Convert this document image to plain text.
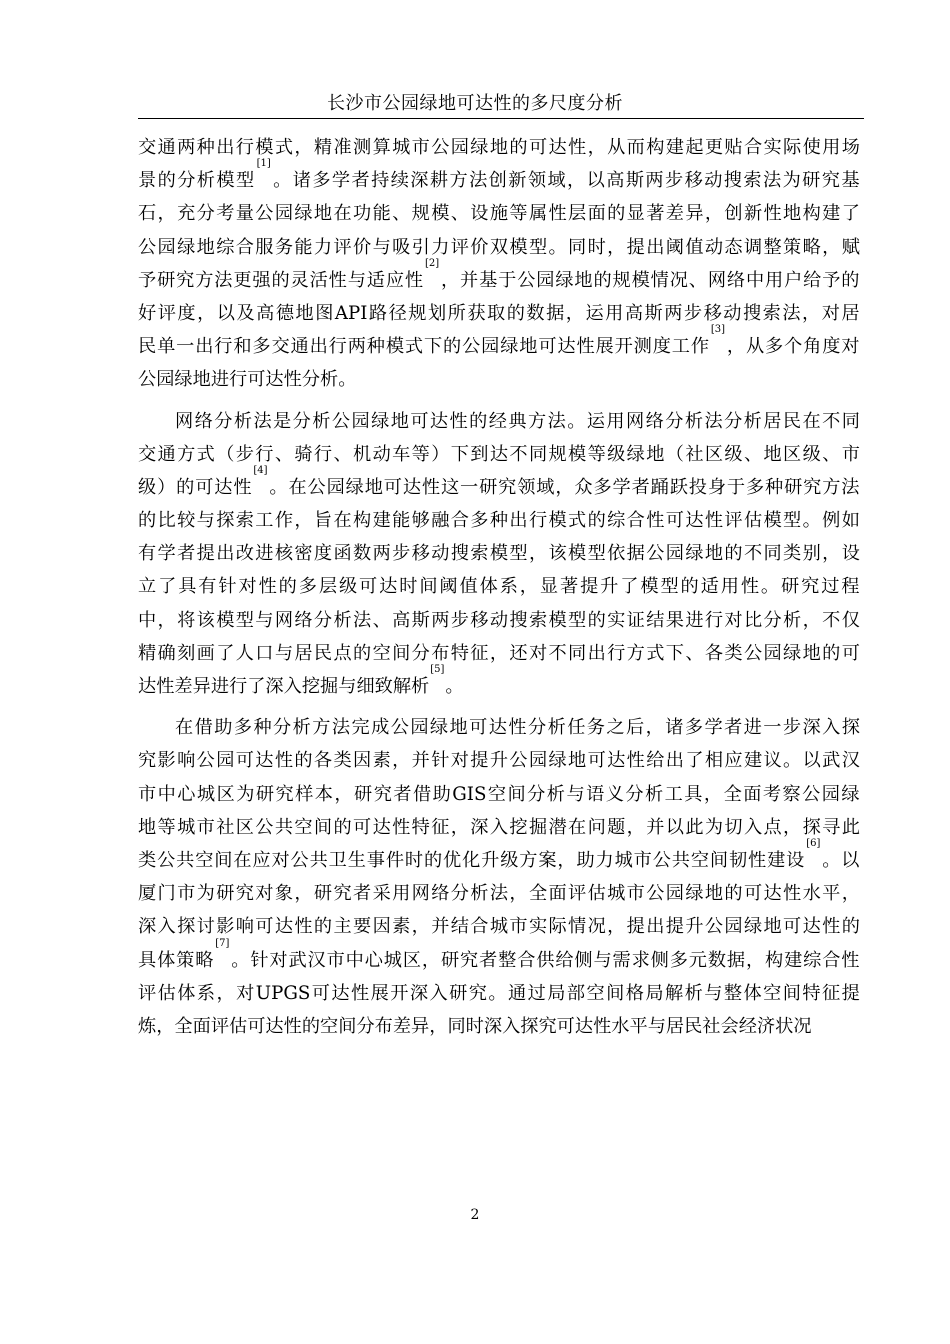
长沙市公园绿地可达性的多尺度分析
交 通 两 种 出 行 模 式 ， 精 准 测 算 城 市 公 园 绿 地 的 可 达 性 ， 从 而 构 建 起 更 贴 合 实 际 使 用 场
景 的 分 析 模 型
[1]
。 诸 多 学 者 持 续 深 耕 方 法 创 新 领 域 ， 以 高 斯 两 步 移 动 搜 索 法 为 研 究 基
石 ， 充 分 考 量 公 园 绿 地 在 功 能 、 规 模 、 设 施 等 属 性 层 面 的 显 著 差 异 ， 创 新 性 地 构 建 了
公 园 绿 地 综 合 服 务 能 力 评 价 与 吸 引 力 评 价 双 模 型 。 同 时 ， 提 出 阈 值 动 态 调 整 策 略 ， 赋
予 研 究 方 法 更 强 的 灵 活 性 与 适 应 性
[2]
， 并 基 于 公 园 绿 地 的 规 模 情 况 、 网 络 中 用 户 给 予 的
好 评 度 ， 以 及 高 德 地 图 API 路 径 规 划 所 获 取 的 数 据 ， 运 用 高 斯 两 步 移 动 搜 索 法 ， 对 居
民 单 一 出 行 和 多 交 通 出 行 两 种 模 式 下 的 公 园 绿 地 可 达 性 展 开 测 度 工 作
[3]
， 从 多 个 角 度 对
公 园 绿 地 进 行 可 达 性 分 析 。
网 络 分 析 法 是 分 析 公 园 绿 地 可 达 性 的 经 典 方 法 。 运 用 网 络 分 析 法 分 析 居 民 在 不 同
交 通 方 式 （ 步 行 、 骑 行 、 机 动 车 等 ） 下 到 达 不 同 规 模 等 级 绿 地 （ 社 区 级 、 地 区 级 、 市
级 ） 的 可 达 性
[4]
。 在 公 园 绿 地 可 达 性 这 一 研 究 领 域 ， 众 多 学 者 踊 跃 投 身 于 多 种 研 究 方 法
的 比 较 与 探 索 工 作 ， 旨 在 构 建 能 够 融 合 多 种 出 行 模 式 的 综 合 性 可 达 性 评 估 模 型 。 例 如
有 学 者 提 出 改 进 核 密 度 函 数 两 步 移 动 搜 索 模 型 ， 该 模 型 依 据 公 园 绿 地 的 不 同 类 别 ， 设
立 了 具 有 针 对 性 的 多 层 级 可 达 时 间 阈 值 体 系 ， 显 著 提 升 了 模 型 的 适 用 性 。 研 究 过 程
中 ， 将 该 模 型 与 网 络 分 析 法 、 高 斯 两 步 移 动 搜 索 模 型 的 实 证 结 果 进 行 对 比 分 析 ， 不 仅
精 确 刻 画 了 人 口 与 居 民 点 的 空 间 分 布 特 征 ， 还 对 不 同 出 行 方 式 下 、 各 类 公 园 绿 地 的 可
达 性 差 异 进 行 了 深 入 挖 掘 与 细 致 解 析
[5]
。
在 借 助 多 种 分 析 方 法 完 成 公 园 绿 地 可 达 性 分 析 任 务 之 后 ， 诸 多 学 者 进 一 步 深 入 探
究 影 响 公 园 可 达 性 的 各 类 因 素 ， 并 针 对 提 升 公 园 绿 地 可 达 性 给 出 了 相 应 建 议 。 以 武 汉
市 中 心 城 区 为 研 究 样 本 ， 研 究 者 借 助 GIS 空 间 分 析 与 语 义 分 析 工 具 ， 全 面 考 察 公 园 绿
地 等 城 市 社 区 公 共 空 间 的 可 达 性 特 征 ， 深 入 挖 掘 潜 在 问 题 ， 并 以 此 为 切 入 点 ， 探 寻 此
类 公 共 空 间 在 应 对 公 共 卫 生 事 件 时 的 优 化 升 级 方 案 ， 助 力 城 市 公 共 空 间 韧 性 建 设
[6]
。 以
厦 门 市 为 研 究 对 象 ， 研 究 者 采 用 网 络 分 析 法 ， 全 面 评 估 城 市 公 园 绿 地 的 可 达 性 水 平 ，
深 入 探 讨 影 响 可 达 性 的 主 要 因 素 ， 并 结 合 城 市 实 际 情 况 ， 提 出 提 升 公 园 绿 地 可 达 性 的
具 体 策 略
[7]
。 针 对 武 汉 市 中 心 城 区 ， 研 究 者 整 合 供 给 侧 与 需 求 侧 多 元 数 据 ， 构 建 综 合 性
评 估 体 系 ， 对 UPGS 可 达 性 展 开 深 入 研 究 。 通 过 局 部 空 间 格 局 解 析 与 整 体 空 间 特 征 提
炼 ， 全 面 评 估 可 达 性 的 空 间 分 布 差 异 ， 同 时 深 入 探 究 可 达 性 水 平 与 居 民 社 会 经 济 状 况
2
